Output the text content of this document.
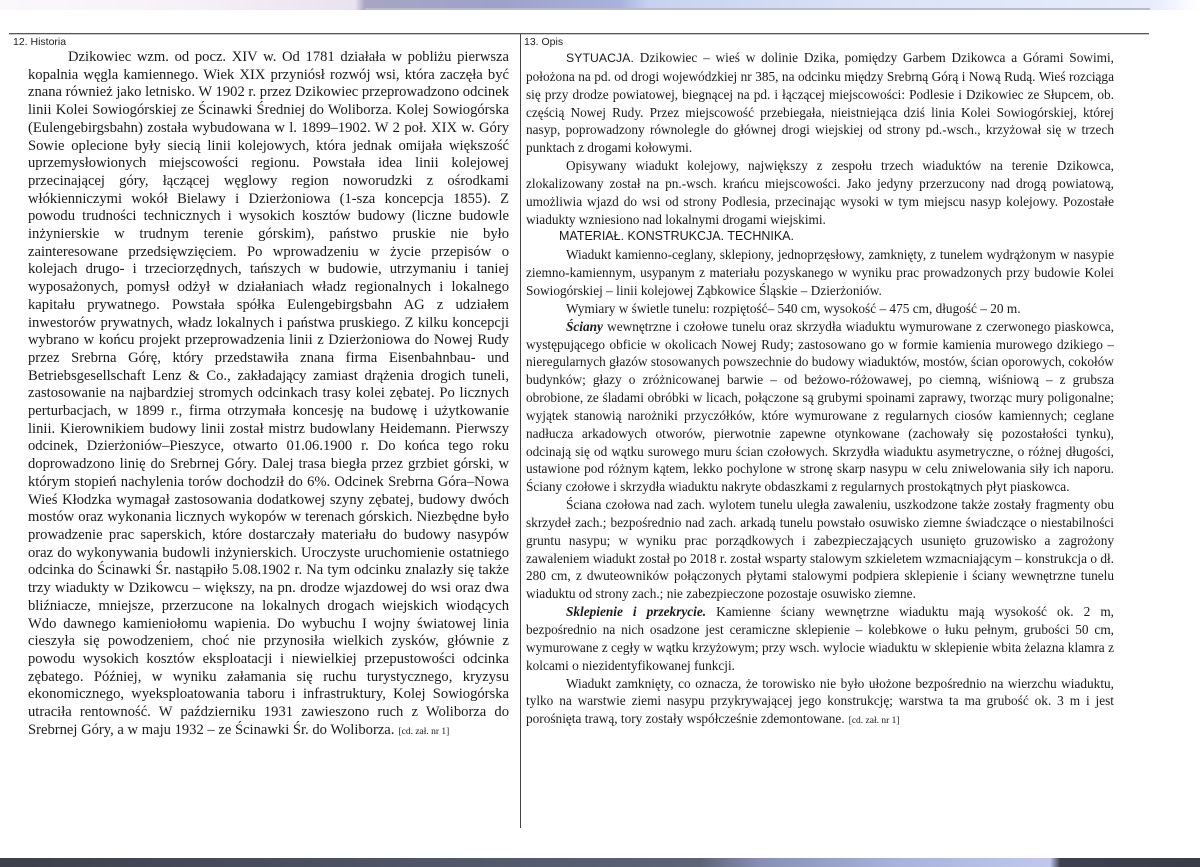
12. Historia

Dzikowiec wzm. od pocz. XIV w. Od 1781 działała w pobliżu pierwsza kopalnia węgla kamiennego. Wiek XIX przyniósł rozwój wsi, która zaczęła być znana również jako letnisko. W 1902 r. przez Dzikowiec przeprowadzono odcinek linii Kolei Sowiogórskiej ze Ścinawki Średniej do Woliborza. Kolej Sowiogórska (Eulengebirgsbahn) została wybudowana w l. 1899–1902. W 2 poł. XIX w. Góry Sowie oplecione były siecią linii kolejowych, która jednak omijała większość uprzemysłowionych miejscowości regionu. Powstała idea linii kolejowej przecinającej góry, łączącej węglowy region noworudzki z ośrodkami włókienniczymi wokół Bielawy i Dzierżoniowa (1-sza koncepcja 1855). Z powodu trudności technicznych i wysokich kosztów budowy (liczne budowle inżynierskie w trudnym terenie górskim), państwo pruskie nie było zainteresowane przedsięwzięciem. Po wprowadzeniu w życie przepisów o kolejach drugo- i trzeciorzędnych, tańszych w budowie, utrzymaniu i taniej wyposażonych, pomysł odżył w działaniach władz regionalnych i lokalnego kapitału prywatnego. Powstała spółka Eulengebirgsbahn AG z udziałem inwestorów prywatnych, władz lokalnych i państwa pruskiego. Z kilku koncepcji wybrano w końcu projekt przeprowadzenia linii z Dzierżoniowa do Nowej Rudy przez Srebrna Górę, który przedstawiła znana firma Eisenbahnbau- und Betriebsgesellschaft Lenz & Co., zakładający zamiast drążenia drogich tuneli, zastosowanie na najbardziej stromych odcinkach trasy kolei zębatej. Po licznych perturbacjach, w 1899 r., firma otrzymała koncesję na budowę i użytkowanie linii. Kierownikiem budowy linii został mistrz budowlany Heidemann. Pierwszy odcinek, Dzierżoniów–Pieszyce, otwarto 01.06.1900 r. Do końca tego roku doprowadzono linię do Srebrnej Góry. Dalej trasa biegła przez grzbiet górski, w którym stopień nachylenia torów dochodził do 6%. Odcinek Srebrna Góra–Nowa Wieś Kłodzka wymagał zastosowania dodatkowej szyny zębatej, budowy dwóch mostów oraz wykonania licznych wykopów w terenach górskich. Niezbędne było prowadzenie prac saperskich, które dostarczały materiału do budowy nasypów oraz do wykonywania budowli inżynierskich. Uroczyste uruchomienie ostatniego odcinka do Ścinawki Śr. nastąpiło 5.08.1902 r. Na tym odcinku znalazły się także trzy wiadukty w Dzikowcu – większy, na pn. drodze wjazdowej do wsi oraz dwa bliźniacze, mniejsze, przerzucone na lokalnych drogach wiejskich wiodących Wdo dawnego kamieniołomu wapienia. Do wybuchu I wojny światowej linia cieszyła się powodzeniem, choć nie przynosiła wielkich zysków, głównie z powodu wysokich kosztów eksploatacji i niewielkiej przepustowości odcinka zębatego. Później, w wyniku załamania się ruchu turystycznego, kryzysu ekonomicznego, wyeksploatowania taboru i infrastruktury, Kolej Sowiogórska utraciła rentowność. W październiku 1931 zawieszono ruch z Woliborza do Srebrnej Góry, a w maju 1932 – ze Ścinawki Śr. do Woliborza. [cd. zał. nr 1]

13. Opis

SYTUACJA. Dzikowiec – wieś w dolinie Dzika, pomiędzy Garbem Dzikowca a Górami Sowimi, położona na pd. od drogi wojewódzkiej nr 385, na odcinku między Srebrną Górą i Nową Rudą. Wieś rozciąga się przy drodze powiatowej, biegnącej na pd. i łączącej miejscowości: Podlesie i Dzikowiec ze Słupcem, ob. częścią Nowej Rudy. Przez miejscowość przebiegała, nieistniejąca dziś linia Kolei Sowiogórskiej, której nasyp, poprowadzony równolegle do głównej drogi wiejskiej od strony pd.-wsch., krzyżował się w trzech punktach z drogami kołowymi.

Opisywany wiadukt kolejowy, największy z zespołu trzech wiaduktów na terenie Dzikowca, zlokalizowany został na pn.-wsch. krańcu miejscowości. Jako jedyny przerzucony nad drogą powiatową, umożliwia wjazd do wsi od strony Podlesia, przecinając wysoki w tym miejscu nasyp kolejowy. Pozostałe wiadukty wzniesiono nad lokalnymi drogami wiejskimi.

MATERIAŁ. KONSTRUKCJA. TECHNIKA.

Wiadukt kamienno-ceglany, sklepiony, jednoprzęsłowy, zamknięty, z tunelem wydrążonym w nasypie ziemno-kamiennym, usypanym z materiału pozyskanego w wyniku prac prowadzonych przy budowie Kolei Sowiogórskiej – linii kolejowej Ząbkowice Śląskie – Dzierżoniów.

Wymiary w świetle tunelu: rozpiętość– 540 cm, wysokość – 475 cm, długość – 20 m.

Ściany wewnętrzne i czołowe tunelu oraz skrzydła wiaduktu wymurowane z czerwonego piaskowca, występującego obficie w okolicach Nowej Rudy; zastosowano go w formie kamienia murowego dzikiego – nieregularnych głazów stosowanych powszechnie do budowy wiaduktów, mostów, ścian oporowych, cokołów budynków; głazy o zróżnicowanej barwie – od beżowo-różowawej, po ciemną, wiśniową – z grubsza obrobione, ze śladami obróbki w licach, połączone są grubymi spoinami zaprawy, tworząc mury poligonalne; wyjątek stanowią narożniki przyczółków, które wymurowane z regularnych ciosów kamiennych; ceglane nadłucza arkadowych otworów, pierwotnie zapewne otynkowane (zachowały się pozostałości tynku), odcinają się od wątku surowego muru ścian czołowych. Skrzydła wiaduktu asymetryczne, o różnej długości, ustawione pod różnym kątem, lekko pochylone w stronę skarp nasypu w celu zniwelowania siły ich naporu. Ściany czołowe i skrzydła wiaduktu nakryte obdaszkami z regularnych prostokątnych płyt piaskowca.

Ściana czołowa nad zach. wylotem tunelu uległa zawaleniu, uszkodzone także zostały fragmenty obu skrzydeł zach.; bezpośrednio nad zach. arkadą tunelu powstało osuwisko ziemne świadczące o niestabilności gruntu nasypu; w wyniku prac porządkowych i zabezpieczających usunięto gruzowisko a zagrożony zawaleniem wiadukt został po 2018 r. został wsparty stalowym szkieletem wzmacniającym – konstrukcja o dł. 280 cm, z dwuteowników połączonych płytami stalowymi podpiera sklepienie i ściany wewnętrzne tunelu wiaduktu od strony zach.; nie zabezpieczone pozostaje osuwisko ziemne.

Sklepienie i przekrycie. Kamienne ściany wewnętrzne wiaduktu mają wysokość ok. 2 m, bezpośrednio na nich osadzone jest ceramiczne sklepienie – kolebkowe o łuku pełnym, grubości 50 cm, wymurowane z cegły w wątku krzyżowym; przy wsch. wylocie wiaduktu w sklepienie wbita żelazna klamra z kolcami o niezidentyfikowanej funkcji.

Wiadukt zamknięty, co oznacza, że torowisko nie było ułożone bezpośrednio na wierzchu wiaduktu, tylko na warstwie ziemi nasypu przykrywającej jego konstrukcję; warstwa ta ma grubość ok. 3 m i jest porośnięta trawą, tory zostały współcześnie zdemontowane. [cd. zał. nr 1]
